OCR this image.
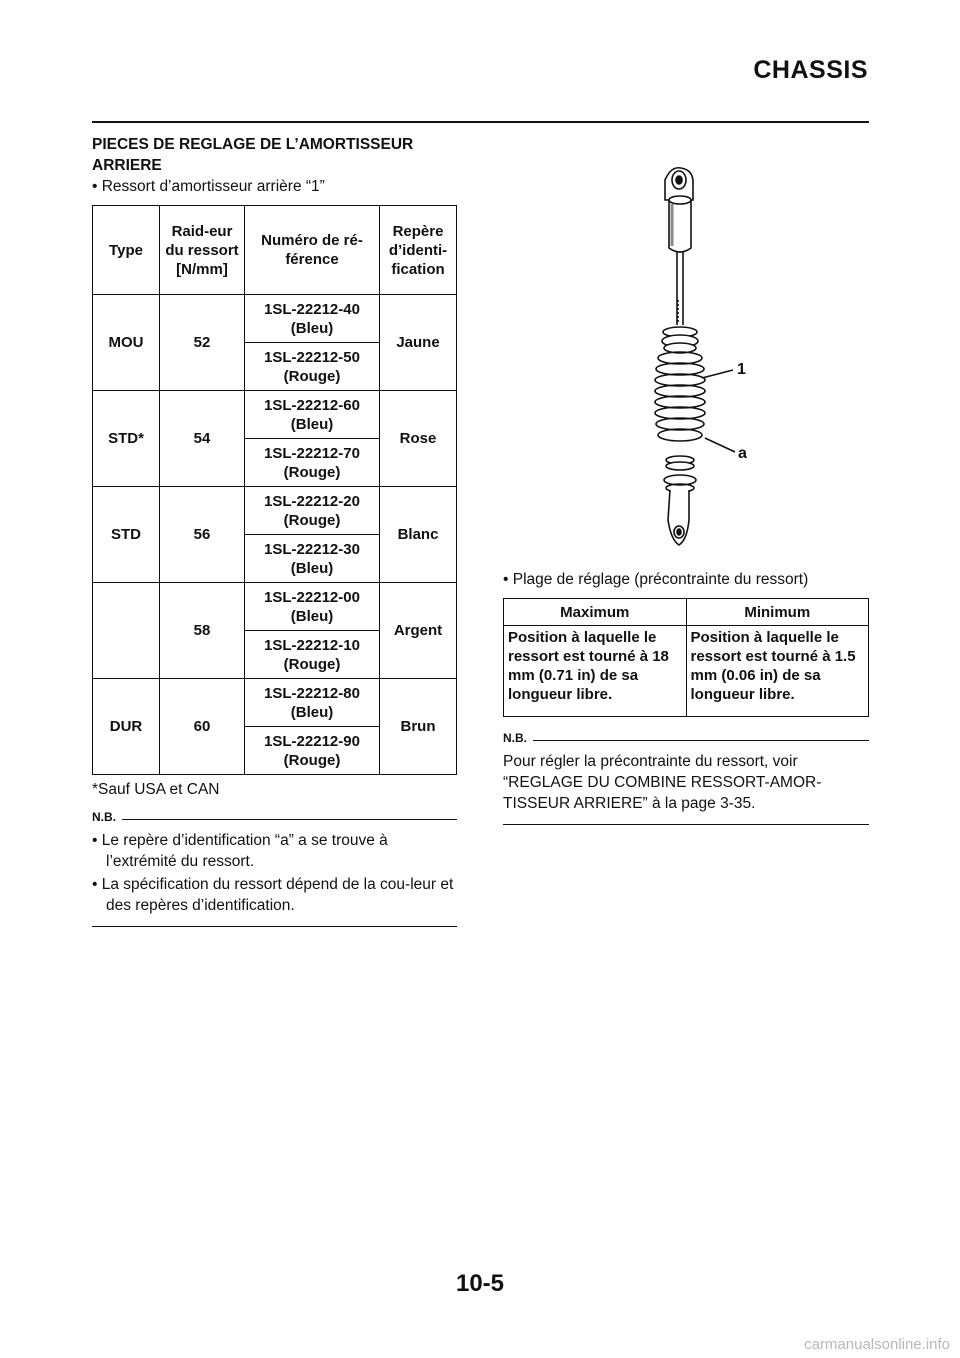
CHASSIS

PIECES DE REGLAGE DE L’AMORTISSEUR ARRIERE

• Ressort d’amortisseur arrière “1”

Type	Raid-eur du ressort [N/mm]	Numéro de ré-férence	Repère d’identi-fication
MOU	52	1SL-22212-40 (Bleu)	Jaune
		1SL-22212-50 (Rouge)	
STD*	54	1SL-22212-60 (Bleu)	Rose
		1SL-22212-70 (Rouge)	
STD	56	1SL-22212-20 (Rouge)	Blanc
		1SL-22212-30 (Bleu)	
	58	1SL-22212-00 (Bleu)	Argent
		1SL-22212-10 (Rouge)	
DUR	60	1SL-22212-80 (Bleu)	Brun
		1SL-22212-90 (Rouge)	
*Sauf USA et CAN
N.B.
• Le repère d’identification “a” a se trouve à l’extrémité du ressort.
• La spécification du ressort dépend de la cou-leur et des repères d’identification.
1
a
• Plage de réglage (précontrainte du ressort)
Maximum	Minimum
Position à laquelle le ressort est tourné à 18 mm (0.71 in) de sa longueur libre.	Position à laquelle le ressort est tourné à 1.5 mm (0.06 in) de sa longueur libre.
N.B.
Pour régler la précontrainte du ressort, voir “REGLAGE DU COMBINE RESSORT-AMOR-TISSEUR ARRIERE” à la page 3-35.
10-5
carmanualsonline.info
